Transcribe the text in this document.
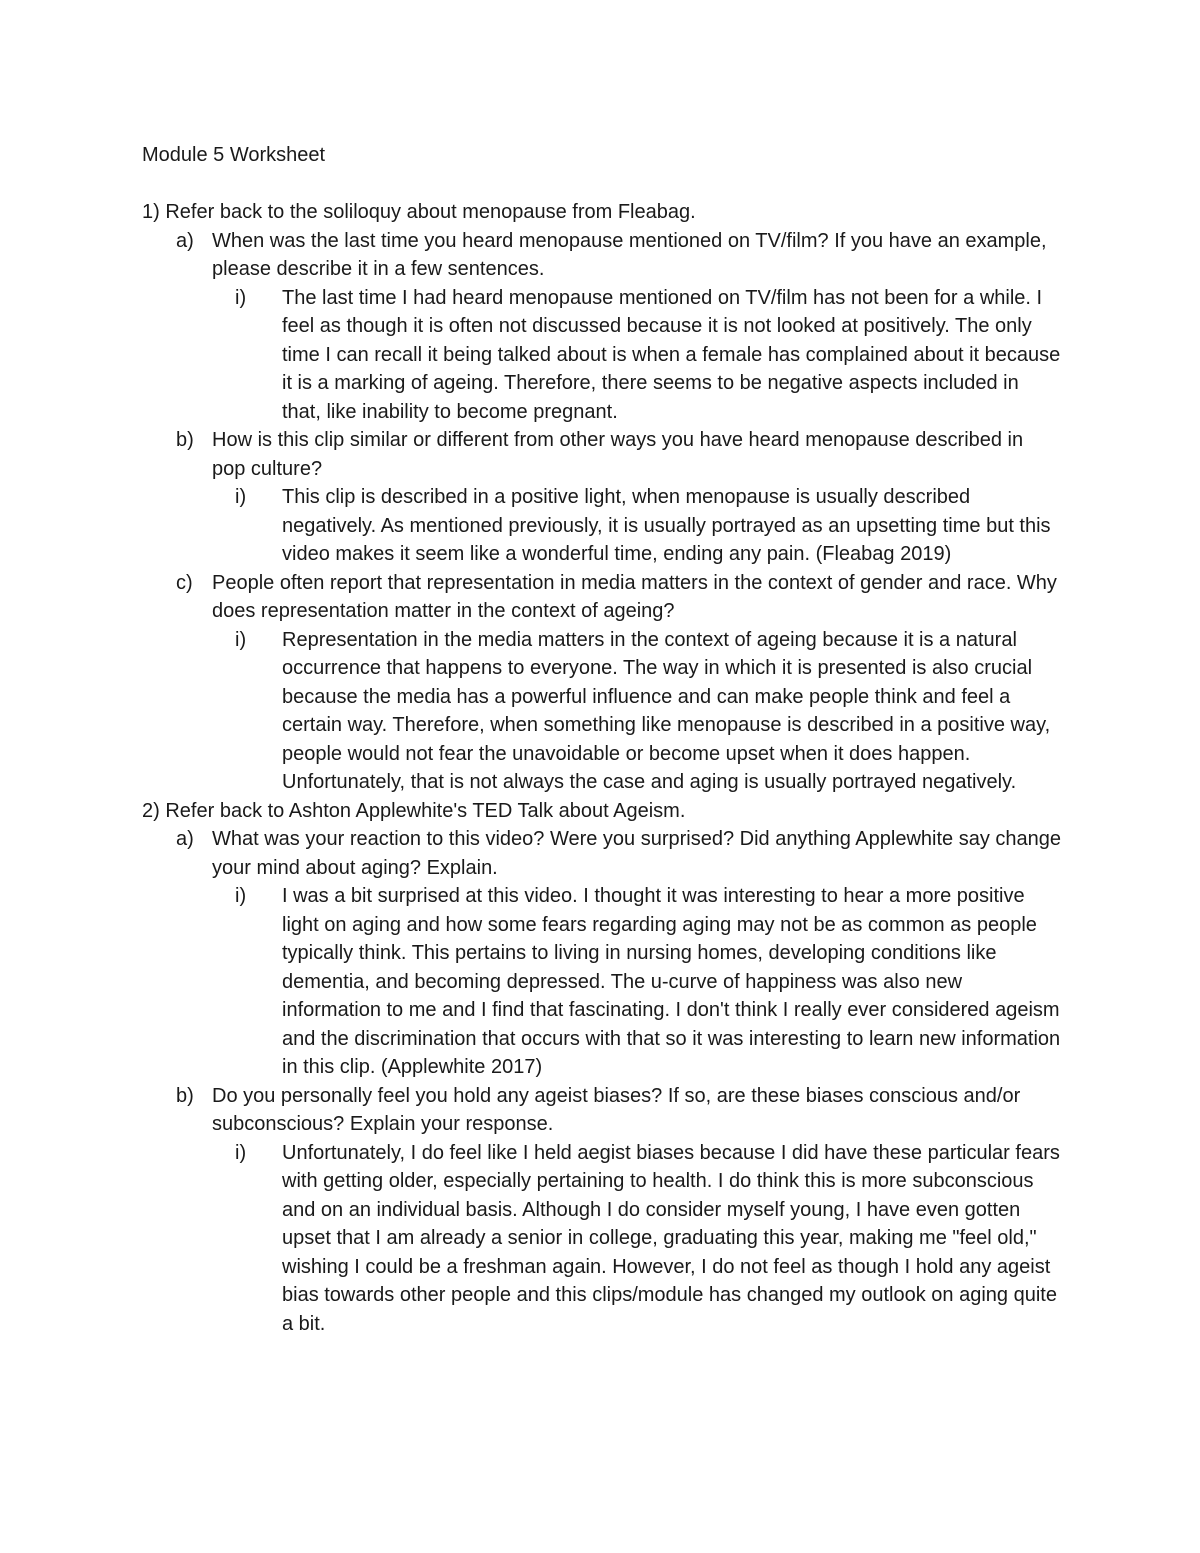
Module 5 Worksheet
1) Refer back to the soliloquy about menopause from Fleabag.
a) When was the last time you heard menopause mentioned on TV/film? If you have an example, please describe it in a few sentences.
i) The last time I had heard menopause mentioned on TV/film has not been for a while. I feel as though it is often not discussed because it is not looked at positively. The only time I can recall it being talked about is when a female has complained about it because it is a marking of ageing. Therefore, there seems to be negative aspects included in that, like inability to become pregnant.
b) How is this clip similar or different from other ways you have heard menopause described in pop culture?
i) This clip is described in a positive light, when menopause is usually described negatively. As mentioned previously, it is usually portrayed as an upsetting time but this video makes it seem like a wonderful time, ending any pain. (Fleabag 2019)
c) People often report that representation in media matters in the context of gender and race. Why does representation matter in the context of ageing?
i) Representation in the media matters in the context of ageing because it is a natural occurrence that happens to everyone. The way in which it is presented is also crucial because the media has a powerful influence and can make people think and feel a certain way. Therefore, when something like menopause is described in a positive way, people would not fear the unavoidable or become upset when it does happen. Unfortunately, that is not always the case and aging is usually portrayed negatively.
2) Refer back to Ashton Applewhite's TED Talk about Ageism.
a) What was your reaction to this video? Were you surprised? Did anything Applewhite say change your mind about aging? Explain.
i) I was a bit surprised at this video. I thought it was interesting to hear a more positive light on aging and how some fears regarding aging may not be as common as people typically think. This pertains to living in nursing homes, developing conditions like dementia, and becoming depressed. The u-curve of happiness was also new information to me and I find that fascinating. I don't think I really ever considered ageism and the discrimination that occurs with that so it was interesting to learn new information in this clip. (Applewhite 2017)
b) Do you personally feel you hold any ageist biases? If so, are these biases conscious and/or subconscious? Explain your response.
i) Unfortunately, I do feel like I held aegist biases because I did have these particular fears with getting older, especially pertaining to health. I do think this is more subconscious and on an individual basis. Although I do consider myself young, I have even gotten upset that I am already a senior in college, graduating this year, making me "feel old," wishing I could be a freshman again. However, I do not feel as though I hold any ageist bias towards other people and this clips/module has changed my outlook on aging quite a bit.
